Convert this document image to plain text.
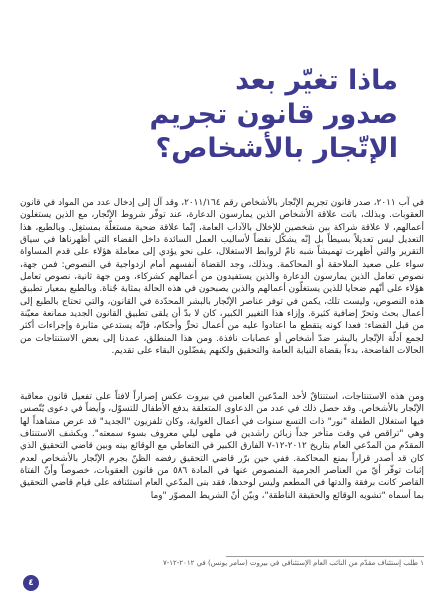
ماذا تغيّر بعد
صدور قانون تجريم
الإتّجار بالأشخاص؟

في آب ٢٠١١، صدر قانون تجريم الإتّجار بالأشخاص رقم ٢٠١١/١٦٤، وقد آل إلى إدخال عدد من المواد في قانون العقوبات. وبذلك، باتت علاقة الأشخاص الذين يمارسون الدعارة، عند توفّر شروط الإتّجار، مع الذين يستغلون أعمالهم، لا علاقة شراكة بين شخصين للإخلال بالآداب العامة، إنّما علاقة ضحية مستغلّة بمستغِل. وبالطبع، هذا التعديل ليس تعديلاً بسيطاً بل إنّه يشكّل نقضاً لأساليب العمل السائدة داخل القضاء التي أظهرناها في سياق التقرير والتي أظهرت تهميشاً شبه تامّ لروابط الاستغلال، على نحو يؤدي إلى معاملة هؤلاء على قدم المساواة سواء على صعيد الملاحقة أو المحاكمة. وبذلك، وجد القضاة أنفسهم أمام ازدواجية في النصوص: فمن جهة، نصوص تعامل الذين يمارسون الدعارة والذين يستفيدون من أعمالهم كشركاء، ومن جهة ثانية، نصوص تعامل هؤلاء على أنّهم ضحايا للذين يستغلّون أعمالهم والذين يصبحون في هذه الحالة بمثابة جُناة. وبالطبع بمعيار تطبيق هذه النصوص، وليست تلك، يكمن في توفر عناصر الإتّجار بالبشر المحدّدة في القانون، والتي تحتاج بالطبع إلى أعمال بحث وتحرّ إضافية كثيرة. وإزاء هذا التغيير الكبير، كان لا بدّ أن يلقى تطبيق القانون الجديد ممانعة معيّنة من قبل القضاء: فعدا كونه يتقطع ما اعتادوا عليه من أعمال تحرٍّ وأحكام، فإنّه يستدعي مثابرة وإجراءات أكثر لجمع أدلّة الإتّجار بالبشر ضدّ أشخاص أو عصابات نافذة. ومن هذا المنطلق، عمدنا إلى بعض الاستنتاجات من الحالات الفاضحة، بدءاً بقضاة النيابة العامة والتحقيق ولكنهم يفضّلون البقاء على تقديم.

ومن هذه الاستنتاجات، استنتاقٌ لأحد المدّعين العامين في بيروت عكس إصراراً لافتاً على تفعيل قانون معاقبة الإتّجار بالأشخاص. وقد حصل ذلك في عدد من الدعاوى المتعلقة بدفع الأطفال للتسوّل، وأيضاً في دعوى يُتّصس فيها استغلال الطفلة "نور" ذات التسع سنوات في أعمال الغواية، وكان تلفزيون "الجديد" قد عرض مشاهداً لها وهي "تراقص في وقت متأخر جداً زبائن راشدين في ملهى ليلي معروف بسوء سمعته". ويكشف الاستنتاف المقدّم من المدّعي العام بتاريخ ٢٠١٢-١٢-٧ الفارق الكبير في التعاطي مع الوقائع بينه وبين قاضي التحقيق الذي كان قد أصدر قراراً بمنع المحاكمة. ففي حين برّر قاضي التحقيق رفضه الظنّ بجرم الإتّجار بالأشخاص لعدم إثبات توفّر أيّ من العناصر الجرمية المنصوص عنها في المادة ٥٨٦ من قانون العقوبات، خصوصاً وأنّ الفتاة القاصر كانت برفقة والدتها في المطعم وليس لوحدها، فقد بنى المدّعي العام استئنافه على قيام قاضي التحقيق بما أسماه "تشويه الوقائع والحقيقة الناطقة"، وبيّن أنّ الشريط المصوّر "وما

١ طلب إستئناف مقدّم من النائب العام الإستئنافي في بيروت (سامر يونس) في ٢٠١٢-١٢-٧
٤
